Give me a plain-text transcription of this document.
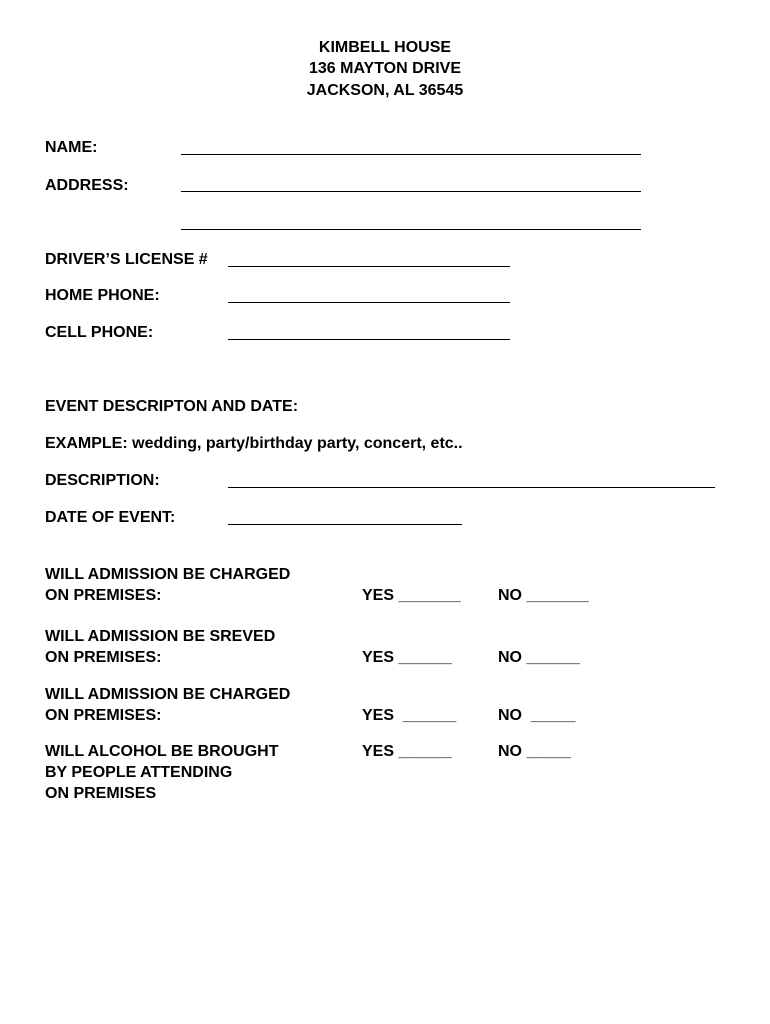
KIMBELL HOUSE
136 MAYTON DRIVE
JACKSON, AL 36545
NAME:
ADDRESS:
DRIVER’S LICENSE #
HOME PHONE:
CELL PHONE:
EVENT DESCRIPTON AND DATE:
EXAMPLE: wedding, party/birthday party, concert, etc..
DESCRIPTION:
DATE OF EVENT:
WILL ADMISSION BE CHARGED
ON PREMISES:	YES _______ NO _______
WILL ADMISSION BE SREVED
ON PREMISES:	YES ______	NO ______
WILL ADMISSION BE CHARGED
ON PREMISES:	YES  ______	NO  _____
WILL ALCOHOL BE BROUGHT
BY PEOPLE ATTENDING
ON PREMISES
YES ______	NO _____
